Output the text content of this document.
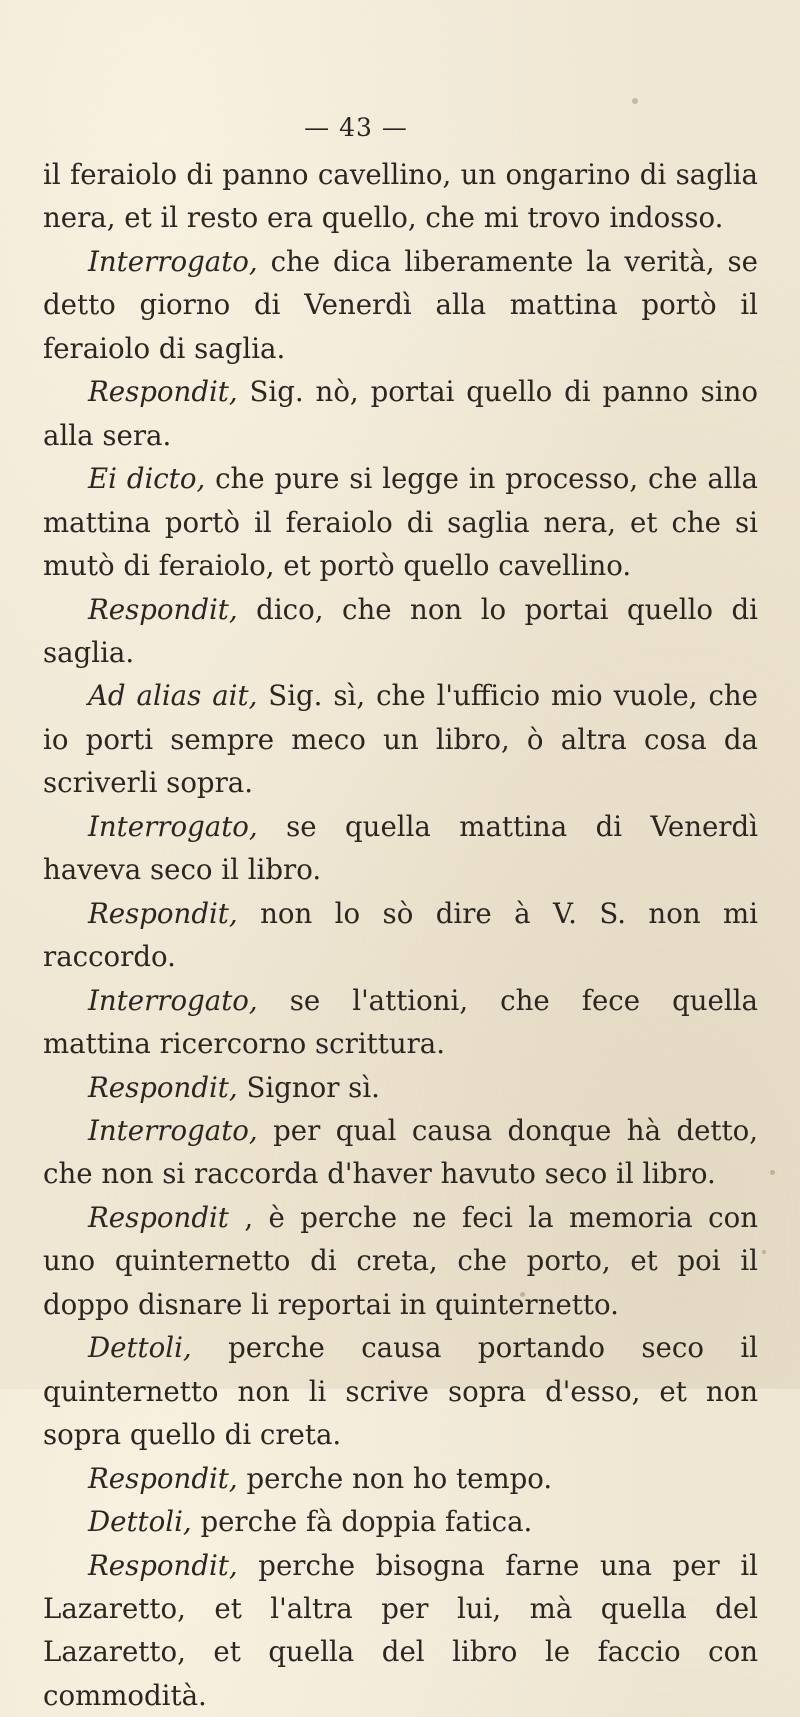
— 43 —

il feraiolo di panno cavellino, un ongarino di saglia nera, et il resto era quello, che mi trovo indosso.

Interrogato, che dica liberamente la verità, se detto giorno di Venerdì alla mattina portò il feraiolo di saglia.

Respondit, Sig. nò, portai quello di panno sino alla sera.

Ei dicto, che pure si legge in processo, che alla mattina portò il feraiolo di saglia nera, et che si mutò di feraiolo, et portò quello cavellino.

Respondit, dico, che non lo portai quello di saglia.

Ad alias ait, Sig. sì, che l'ufficio mio vuole, che io porti sempre meco un libro, ò altra cosa da scriverli sopra.

Interrogato, se quella mattina di Venerdì haveva seco il libro.

Respondit, non lo sò dire à V. S. non mi raccordo.

Interrogato, se l'attioni, che fece quella mattina ricercorno scrittura.

Respondit, Signor sì.

Interrogato, per qual causa donque hà detto, che non si raccorda d'haver havuto seco il libro.

Respondit , è perche ne feci la memoria con uno quinternetto di creta, che porto, et poi il doppo disnare li reportai in quinternetto.

Dettoli, perche causa portando seco il quinternetto non li scrive sopra d'esso, et non sopra quello di creta.

Respondit, perche non ho tempo.

Dettoli, perche fà doppia fatica.

Respondit, perche bisogna farne una per il Lazaretto, et l'altra per lui, mà quella del Lazaretto, et quella del libro le faccio con commodità.
